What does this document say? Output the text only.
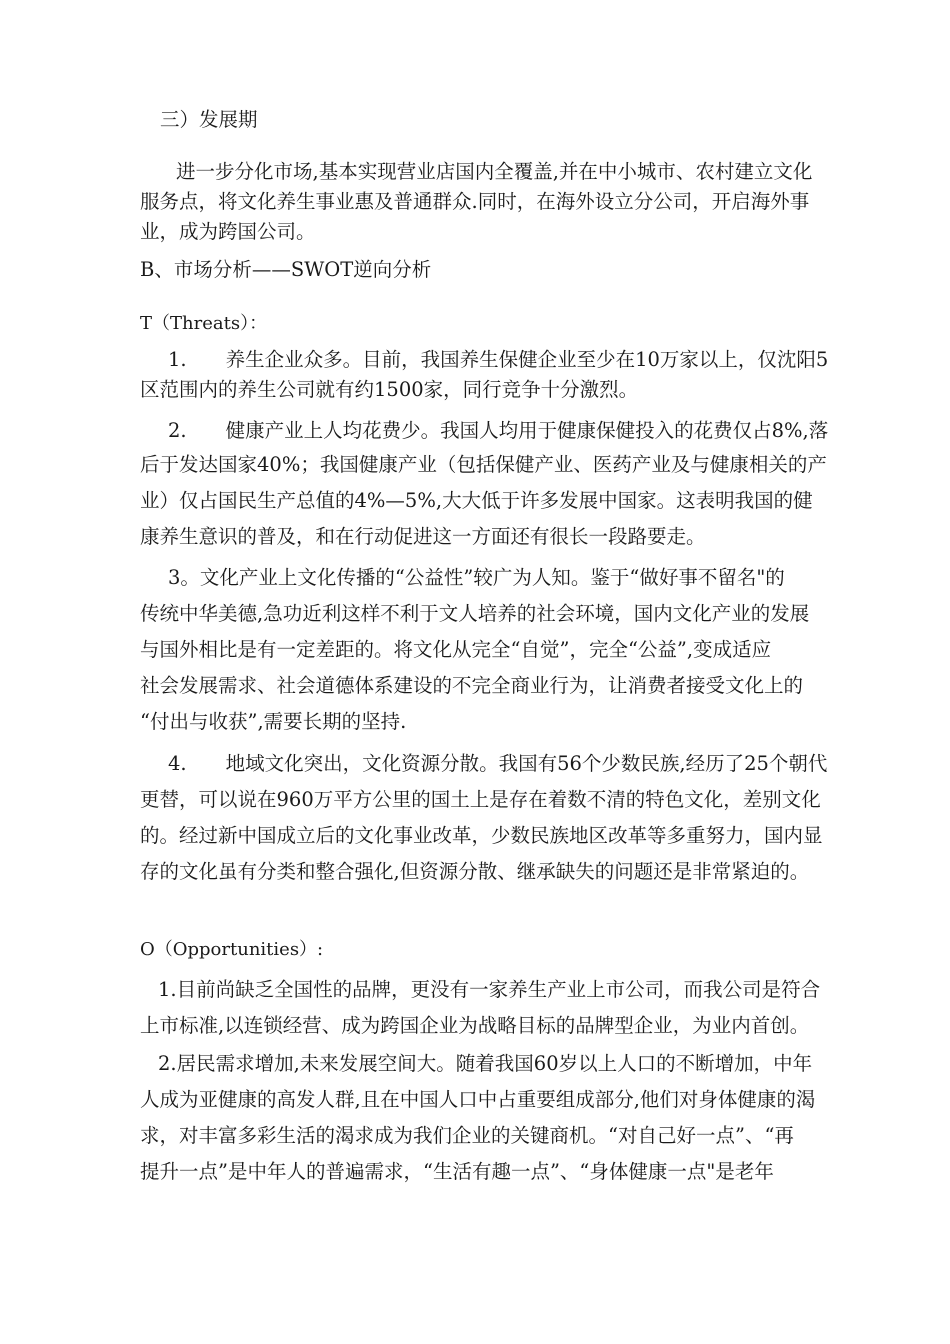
三）发展期
进一步分化市场,基本实现营业店国内全覆盖,并在中小城市、农村建立文化
服务点，将文化养生事业惠及普通群众.同时，在海外设立分公司，开启海外事
业，成为跨国公司。
B、市场分析——SWOT逆向分析
T（Threats）：
1.　　养生企业众多。目前，我国养生保健企业至少在10万家以上，仅沈阳5
区范围内的养生公司就有约1500家，同行竞争十分激烈。
2.　　健康产业上人均花费少。我国人均用于健康保健投入的花费仅占8%,落
后于发达国家40%；我国健康产业（包括保健产业、医药产业及与健康相关的产
业）仅占国民生产总值的4%—5%,大大低于许多发展中国家。这表明我国的健
康养生意识的普及，和在行动促进这一方面还有很长一段路要走。
3。文化产业上文化传播的“公益性”较广为人知。鉴于“做好事不留名"的
传统中华美德,急功近利这样不利于文人培养的社会环境，国内文化产业的发展
与国外相比是有一定差距的。将文化从完全“自觉”，完全“公益”,变成适应
社会发展需求、社会道德体系建设的不完全商业行为，让消费者接受文化上的
“付出与收获”,需要长期的坚持.
4.　　地域文化突出，文化资源分散。我国有56个少数民族,经历了25个朝代
更替，可以说在960万平方公里的国土上是存在着数不清的特色文化，差别文化
的。经过新中国成立后的文化事业改革，少数民族地区改革等多重努力，国内显
存的文化虽有分类和整合强化,但资源分散、继承缺失的问题还是非常紧迫的。
O（Opportunities）:
1.目前尚缺乏全国性的品牌，更没有一家养生产业上市公司，而我公司是符合
上市标准,以连锁经营、成为跨国企业为战略目标的品牌型企业，为业内首创。
2.居民需求增加,未来发展空间大。随着我国60岁以上人口的不断增加，中年
人成为亚健康的高发人群,且在中国人口中占重要组成部分,他们对身体健康的渴
求，对丰富多彩生活的渴求成为我们企业的关键商机。“对自己好一点”、“再
提升一点”是中年人的普遍需求，“生活有趣一点”、“身体健康一点"是老年
